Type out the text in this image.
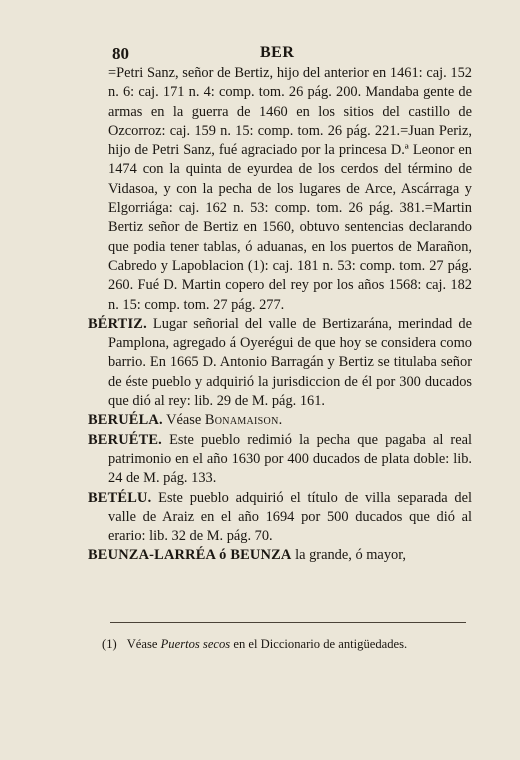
80	BER

=Petri Sanz, señor de Bertiz, hijo del anterior en 1461: caj. 152 n. 6: caj. 171 n. 4: comp. tom. 26 pág. 200. Mandaba gente de armas en la guerra de 1460 en los sitios del castillo de Ozcorroz: caj. 159 n. 15: comp. tom. 26 pág. 221.=Juan Periz, hijo de Petri Sanz, fué agraciado por la princesa D.ª Leonor en 1474 con la quinta de eyurdea de los cerdos del término de Vidasoa, y con la pecha de los lugares de Arce, Ascárraga y Elgorriága: caj. 162 n. 53: comp. tom. 26 pág. 381.=Martin Bertiz señor de Bertiz en 1560, obtuvo sentencias declarando que podia tener tablas, ó aduanas, en los puertos de Marañon, Cabredo y Lapoblacion (1): caj. 181 n. 53: comp. tom. 27 pág. 260. Fué D. Martin copero del rey por los años 1568: caj. 182 n. 15: comp. tom. 27 pág. 277.

BÉRTIZ. Lugar señorial del valle de Bertizarána, merindad de Pamplona, agregado á Oyerégui de que hoy se considera como barrio. En 1665 D. Antonio Barragán y Bertiz se titulaba señor de éste pueblo y adquirió la jurisdiccion de él por 300 ducados que dió al rey: lib. 29 de M. pág. 161.

BERUÉLA. Véase Bonamaison.

BERUÉTE. Este pueblo redimió la pecha que pagaba al real patrimonio en el año 1630 por 400 ducados de plata doble: lib. 24 de M. pág. 133.

BETÉLU. Este pueblo adquirió el título de villa separada del valle de Araiz en el año 1694 por 500 ducados que dió al erario: lib. 32 de M. pág. 70.

BEUNZA-LARRÉA ó BEUNZA la grande, ó mayor,

(1) Véase Puertos secos en el Diccionario de antigüedades.
